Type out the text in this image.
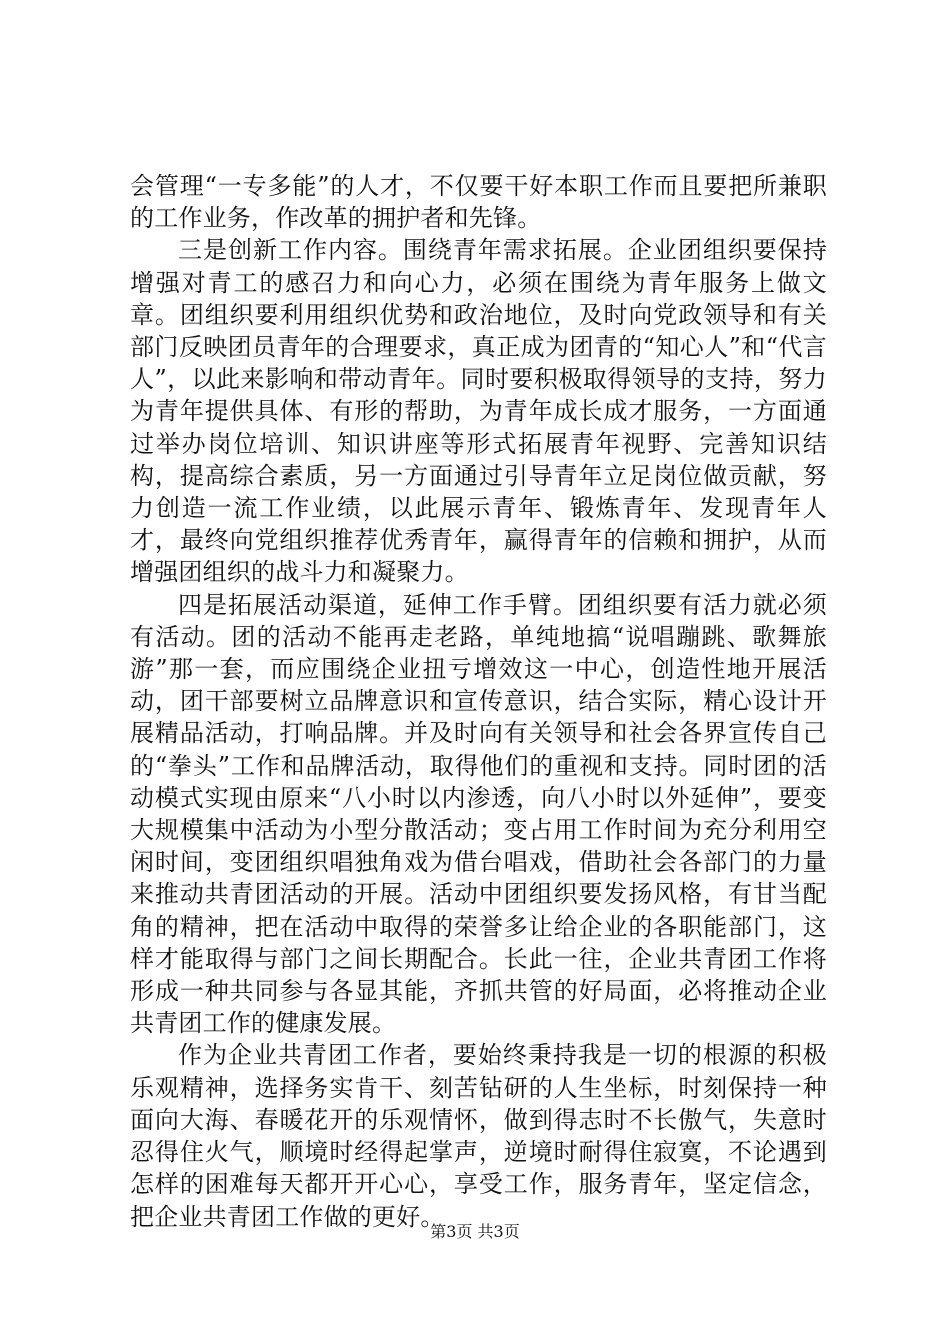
会管理“一专多能”的人才，不仅要干好本职工作而且要把所兼职的工作业务，作改革的拥护者和先锋。

三是创新工作内容。围绕青年需求拓展。企业团组织要保持增强对青工的感召力和向心力，必须在围绕为青年服务上做文章。团组织要利用组织优势和政治地位，及时向党政领导和有关部门反映团员青年的合理要求，真正成为团青的“知心人”和“代言人”，以此来影响和带动青年。同时要积极取得领导的支持，努力为青年提供具体、有形的帮助，为青年成长成才服务，一方面通过举办岗位培训、知识讲座等形式拓展青年视野、完善知识结构，提高综合素质，另一方面通过引导青年立足岗位做贡献，努力创造一流工作业绩，以此展示青年、锻炼青年、发现青年人才，最终向党组织推荐优秀青年，赢得青年的信赖和拥护，从而增强团组织的战斗力和凝聚力。

四是拓展活动渠道，延伸工作手臂。团组织要有活力就必须有活动。团的活动不能再走老路，单纯地搞“说唱蹦跳、歌舞旅游”那一套，而应围绕企业扭亏增效这一中心，创造性地开展活动，团干部要树立品牌意识和宣传意识，结合实际，精心设计开展精品活动，打响品牌。并及时向有关领导和社会各界宣传自己的“拳头”工作和品牌活动，取得他们的重视和支持。同时团的活动模式实现由原来“八小时以内渗透，向八小时以外延伸”，要变大规模集中活动为小型分散活动；变占用工作时间为充分利用空闲时间，变团组织唱独角戏为借台唱戏，借助社会各部门的力量来推动共青团活动的开展。活动中团组织要发扬风格，有甘当配角的精神，把在活动中取得的荣誉多让给企业的各职能部门，这样才能取得与部门之间长期配合。长此一往，企业共青团工作将形成一种共同参与各显其能，齐抓共管的好局面，必将推动企业共青团工作的健康发展。

作为企业共青团工作者，要始终秉持我是一切的根源的积极乐观精神，选择务实肯干、刻苦钻研的人生坐标，时刻保持一种面向大海、春暖花开的乐观情怀，做到得志时不长傲气，失意时忍得住火气，顺境时经得起掌声，逆境时耐得住寂寞，不论遇到怎样的困难每天都开开心心，享受工作，服务青年，坚定信念，把企业共青团工作做的更好。

第3页 共3页
